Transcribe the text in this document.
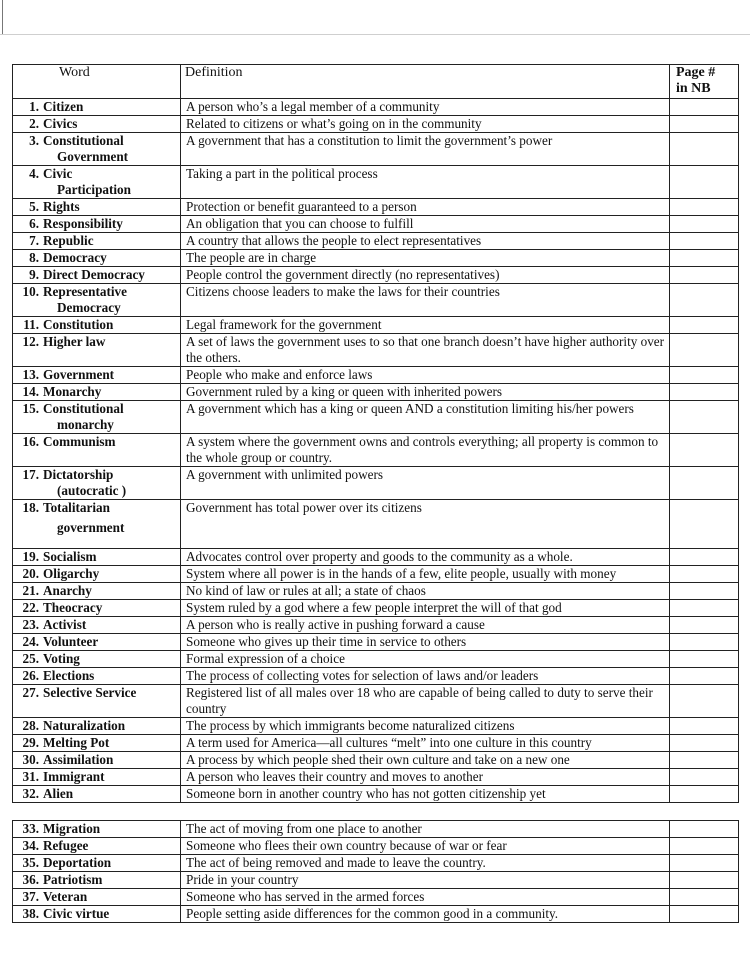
Word	Definition	Page #
in NB
1. Citizen	A person who’s a legal member of a community	
2. Civics	Related to citizens or what’s going on in the community	
3. Constitutional
Government	A government that has a constitution to limit the government’s power	
4. Civic
Participation	Taking a part in the political process	
5. Rights	Protection or benefit guaranteed to a person	
6. Responsibility	An obligation that you can choose to fulfill	
7. Republic	A country that allows the people to elect representatives	
8. Democracy	The people are in charge	
9. Direct Democracy	People control the government directly (no representatives)	
10. Representative
Democracy	Citizens choose leaders to make the laws for their countries	
11. Constitution	Legal framework for the government	
12. Higher law	A set of laws the government uses to so that one branch doesn’t have higher authority over the others.	
13. Government	People who make and enforce laws	
14. Monarchy	Government ruled by a king or queen with inherited powers	
15. Constitutional
monarchy	A government which has a king or queen AND a constitution limiting his/her powers	
16. Communism	A system where the government owns and controls everything; all property is common to the whole group or country.	
17. Dictatorship
(autocratic )	A government with unlimited powers	
18. Totalitarian
government	Government has total power over its citizens	
19. Socialism	Advocates control over property and goods to the community as a whole.	
20. Oligarchy	System where all power is in the hands of a few, elite people, usually with money	
21. Anarchy	No kind of law or rules at all; a state of chaos	
22. Theocracy	System ruled by a god where a few people interpret the will of that god	
23. Activist	A person who is really active in pushing forward a cause	
24. Volunteer	Someone who gives up their time in service to others	
25. Voting	Formal expression of a choice	
26. Elections	The process of collecting votes for selection of laws and/or leaders	
27. Selective Service	Registered list of all males over 18 who are capable of being called to duty to serve their country	
28. Naturalization	The process by which immigrants become naturalized citizens	
29. Melting Pot	A term used for America—all cultures “melt” into one culture in this country	
30. Assimilation	A process by which people shed their own culture and take on a new one	
31. Immigrant	A person who leaves their country and moves to another	
32. Alien	Someone born in another country who has not gotten citizenship yet	

33. Migration	The act of moving from one place to another	
34. Refugee	Someone who flees their own country because of war or fear	
35. Deportation	The act of being removed and made to leave the country.	
36. Patriotism	Pride in your country	
37. Veteran	Someone who has served in the armed forces	
38. Civic virtue	People setting aside differences for the common good in a community.	
